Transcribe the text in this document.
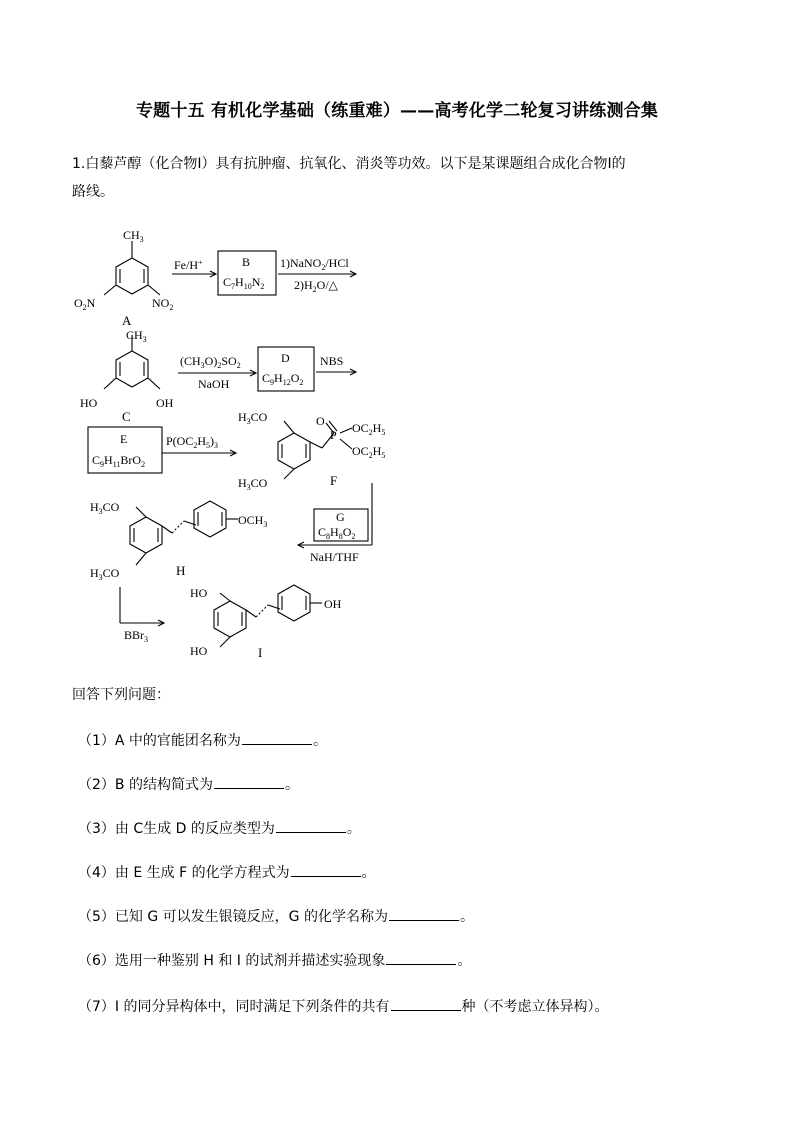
专题十五 有机化学基础（练重难）——高考化学二轮复习讲练测合集
1.白藜芦醇（化合物Ⅰ）具有抗肿瘤、抗氧化、消炎等功效。以下是某课题组合成化合物Ⅰ的
路线。
$CH_3$
$O_2N$	$NO_2$
A
Fe/H+	B
$C_7H_{10}N_2$
1)NaNO$_2$/HCl
$2)H_2O/\triangle$
$CH_3$
HO	OH
C
$(CH_3O)_2SO_2$
NaOH
D
$C_9H_{12}O_2$
NBS
E
$C_9H_{11}BrO_2$
$P(OC_2H_5)_3$
$H_3CO$
$H_3CO$
O
P $OC_2H_5$
$OC_2H_5$
F
G
$C_8H_8O_2$
NaH/THF
$H_3CO$
$H_3CO$
$OCH_3$
H
BBr$_3$
HO
HO
OH
I
回答下列问题：
（1）A 中的官能团名称为	。
（2）B 的结构简式为	。
（3）由 C生成 D 的反应类型为	。
（4）由 E 生成 F 的化学方程式为	。
（5）已知 G 可以发生银镜反应，G 的化学名称为	。
（6）选用一种鉴别 H 和 I 的试剂并描述实验现象	。
（7）I 的同分异构体中，同时满足下列条件的共有	种（不考虑立体异构）。
